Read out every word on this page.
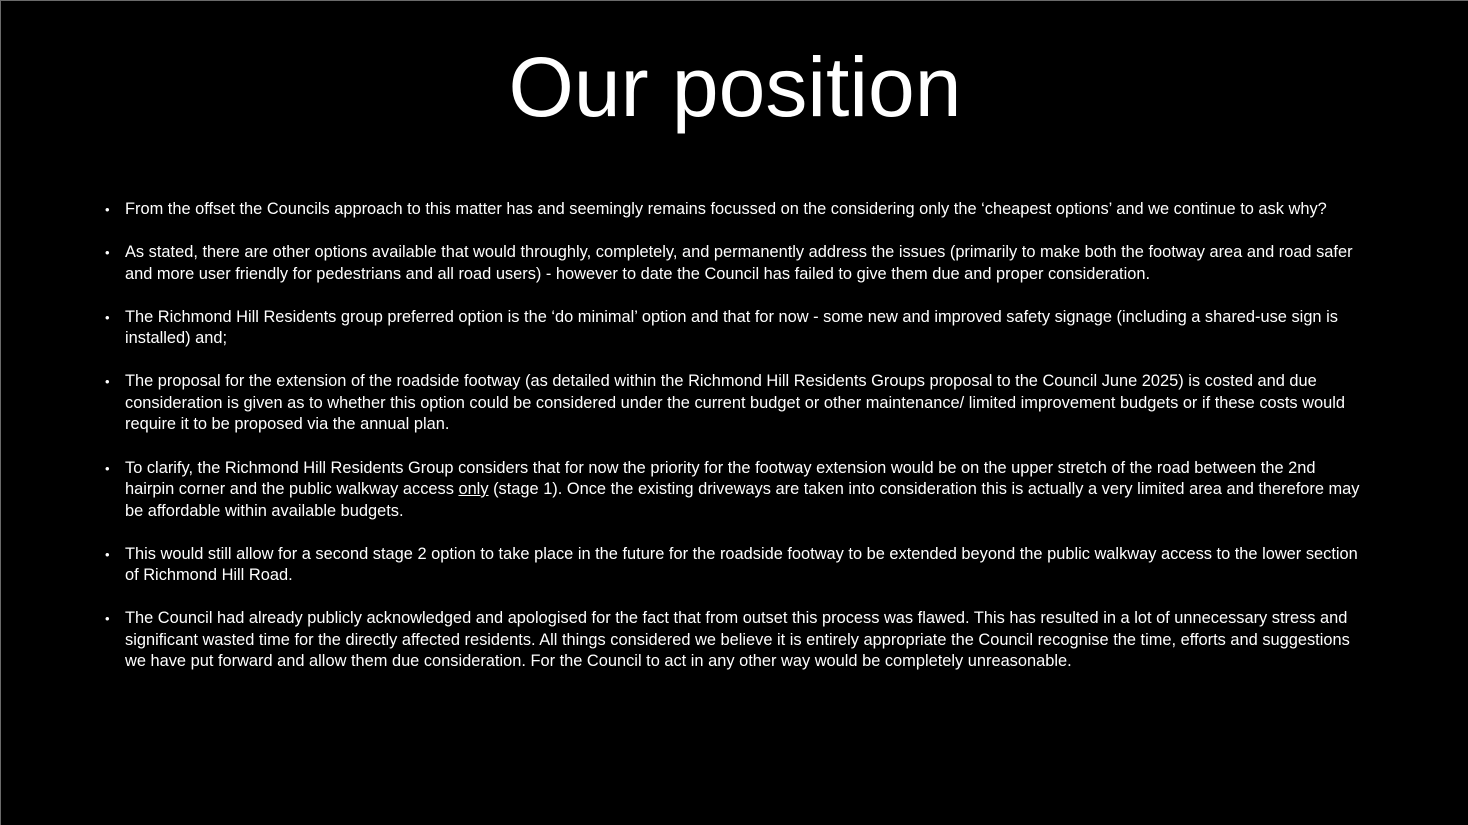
Our position
• From the offset the Councils approach to this matter has and seemingly remains focussed on the considering only the ‘cheapest options’ and we continue to ask why?
• As stated, there are other options available that would throughly, completely, and permanently address the issues (primarily to make both the footway area and road safer and more user friendly for pedestrians and all road users) - however to date the Council has failed to give them due and proper consideration.
• The Richmond Hill Residents group preferred option is the ‘do minimal’ option and that for now - some new and improved safety signage (including a shared-use sign is installed) and;
• The proposal for the extension of the roadside footway (as detailed within the Richmond Hill Residents Groups proposal to the Council June 2025) is costed and due consideration is given as to whether this option could be considered under the current budget or other maintenance/ limited improvement budgets or if these costs would require it to be proposed via the annual plan.
• To clarify, the Richmond Hill Residents Group considers that for now the priority for the footway extension would be on the upper stretch of the road between the 2nd hairpin corner and the public walkway access only (stage 1). Once the existing driveways are taken into consideration this is actually a very limited area and therefore may be affordable within available budgets.
• This would still allow for a second stage 2 option to take place in the future for the roadside footway to be extended beyond the public walkway access to the lower section of Richmond Hill Road.
• The Council had already publicly acknowledged and apologised for the fact that from outset this process was flawed. This has resulted in a lot of unnecessary stress and significant wasted time for the directly affected residents. All things considered we believe it is entirely appropriate the Council recognise the time, efforts and suggestions we have put forward and allow them due consideration. For the Council to act in any other way would be completely unreasonable.
